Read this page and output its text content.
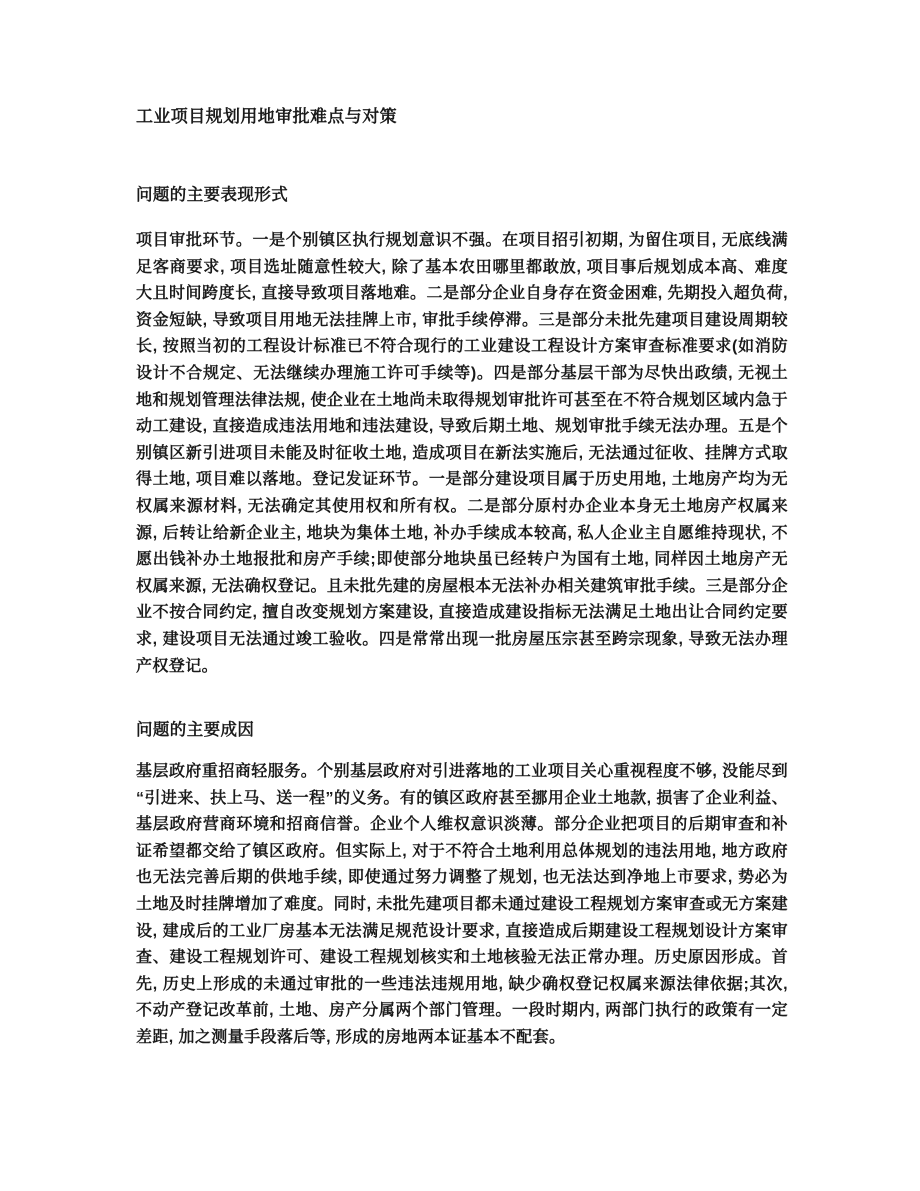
工业项目规划用地审批难点与对策
问题的主要表现形式

项目审批环节。一是个别镇区执行规划意识不强。在项目招引初期, 为留住项目, 无底线满足客商要求, 项目选址随意性较大, 除了基本农田哪里都敢放, 项目事后规划成本高、难度大且时间跨度长, 直接导致项目落地难。二是部分企业自身存在资金困难, 先期投入超负荷, 资金短缺, 导致项目用地无法挂牌上市, 审批手续停滞。三是部分未批先建项目建设周期较长, 按照当初的工程设计标准已不符合现行的工业建设工程设计方案审查标准要求(如消防设计不合规定、无法继续办理施工许可手续等)。四是部分基层干部为尽快出政绩, 无视土地和规划管理法律法规, 使企业在土地尚未取得规划审批许可甚至在不符合规划区域内急于动工建设, 直接造成违法用地和违法建设, 导致后期土地、规划审批手续无法办理。五是个别镇区新引进项目未能及时征收土地, 造成项目在新法实施后, 无法通过征收、挂牌方式取得土地, 项目难以落地。登记发证环节。一是部分建设项目属于历史用地, 土地房产均为无权属来源材料, 无法确定其使用权和所有权。二是部分原村办企业本身无土地房产权属来源, 后转让给新企业主, 地块为集体土地, 补办手续成本较高, 私人企业主自愿维持现状, 不愿出钱补办土地报批和房产手续;即使部分地块虽已经转户为国有土地, 同样因土地房产无权属来源, 无法确权登记。且未批先建的房屋根本无法补办相关建筑审批手续。三是部分企业不按合同约定, 擅自改变规划方案建设, 直接造成建设指标无法满足土地出让合同约定要求, 建设项目无法通过竣工验收。四是常常出现一批房屋压宗甚至跨宗现象, 导致无法办理产权登记。

问题的主要成因

基层政府重招商轻服务。个别基层政府对引进落地的工业项目关心重视程度不够, 没能尽到“引进来、扶上马、送一程”的义务。有的镇区政府甚至挪用企业土地款, 损害了企业利益、基层政府营商环境和招商信誉。企业个人维权意识淡薄。部分企业把项目的后期审查和补证希望都交给了镇区政府。但实际上, 对于不符合土地利用总体规划的违法用地, 地方政府也无法完善后期的供地手续, 即使通过努力调整了规划, 也无法达到净地上市要求, 势必为土地及时挂牌增加了难度。同时, 未批先建项目都未通过建设工程规划方案审查或无方案建设, 建成后的工业厂房基本无法满足规范设计要求, 直接造成后期建设工程规划设计方案审查、建设工程规划许可、建设工程规划核实和土地核验无法正常办理。历史原因形成。首先, 历史上形成的未通过审批的一些违法违规用地, 缺少确权登记权属来源法律依据;其次, 不动产登记改革前, 土地、房产分属两个部门管理。一段时期内, 两部门执行的政策有一定差距, 加之测量手段落后等, 形成的房地两本证基本不配套。
